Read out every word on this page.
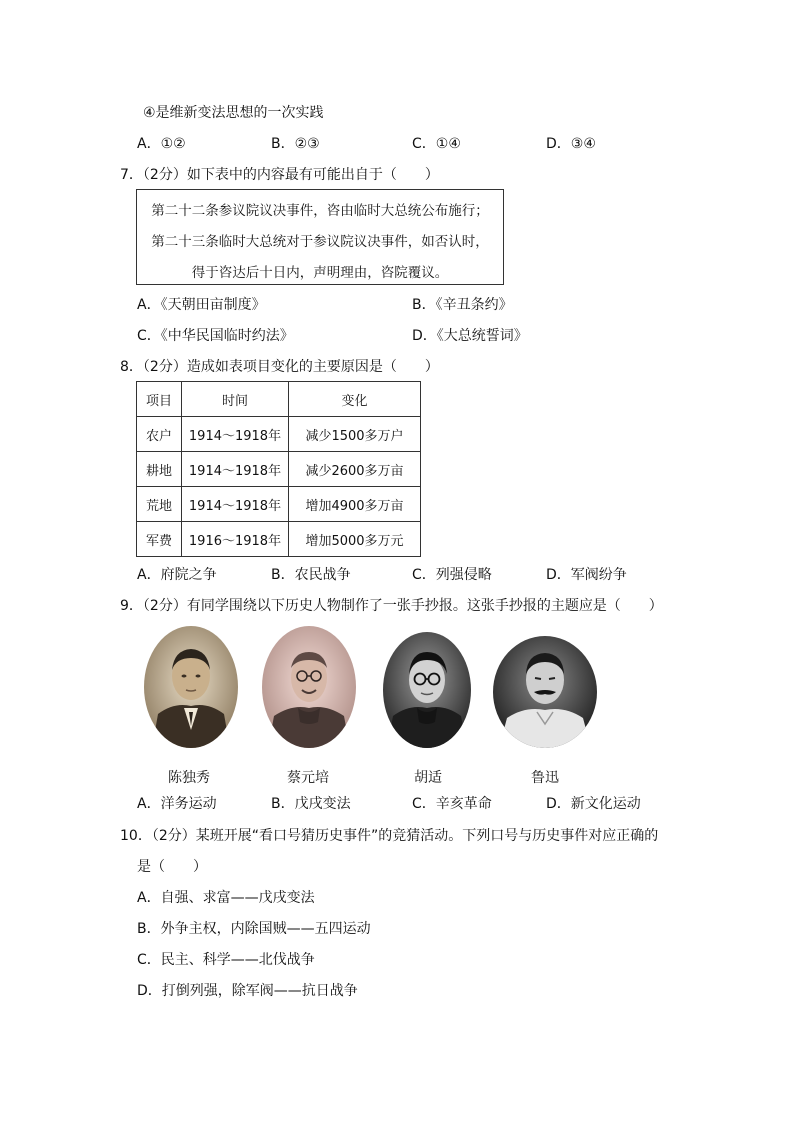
④是维新变法思想的一次实践
A．①②	B．②③	C．①④	D．③④
7．（2分）如下表中的内容最有可能出自于（　　）
第二十二条参议院议决事件，咨由临时大总统公布施行；
第二十三条临时大总统对于参议院议决事件，如否认时，
得于咨达后十日内，声明理由，咨院覆议。
A．《天朝田亩制度》	B．《辛丑条约》
C．《中华民国临时约法》	D．《大总统誓词》
8．（2分）造成如表项目变化的主要原因是（　　）
项目	时间	变化
农户	1914～1918年	减少1500多万户
耕地	1914～1918年	减少2600多万亩
荒地	1914～1918年	增加4900多万亩
军费	1916～1918年	增加5000多万元
A．府院之争	B．农民战争	C．列强侵略	D．军阀纷争
9．（2分）有同学围绕以下历史人物制作了一张手抄报。这张手抄报的主题应是（　　）
陈独秀	蔡元培	胡适	鲁迅
A．洋务运动	B．戊戌变法	C．辛亥革命	D．新文化运动
10．（2分）某班开展“看口号猜历史事件”的竞猜活动。下列口号与历史事件对应正确的
是（　　）
A．自强、求富——戊戌变法
B．外争主权，内除国贼——五四运动
C．民主、科学——北伐战争
D．打倒列强，除军阀——抗日战争
